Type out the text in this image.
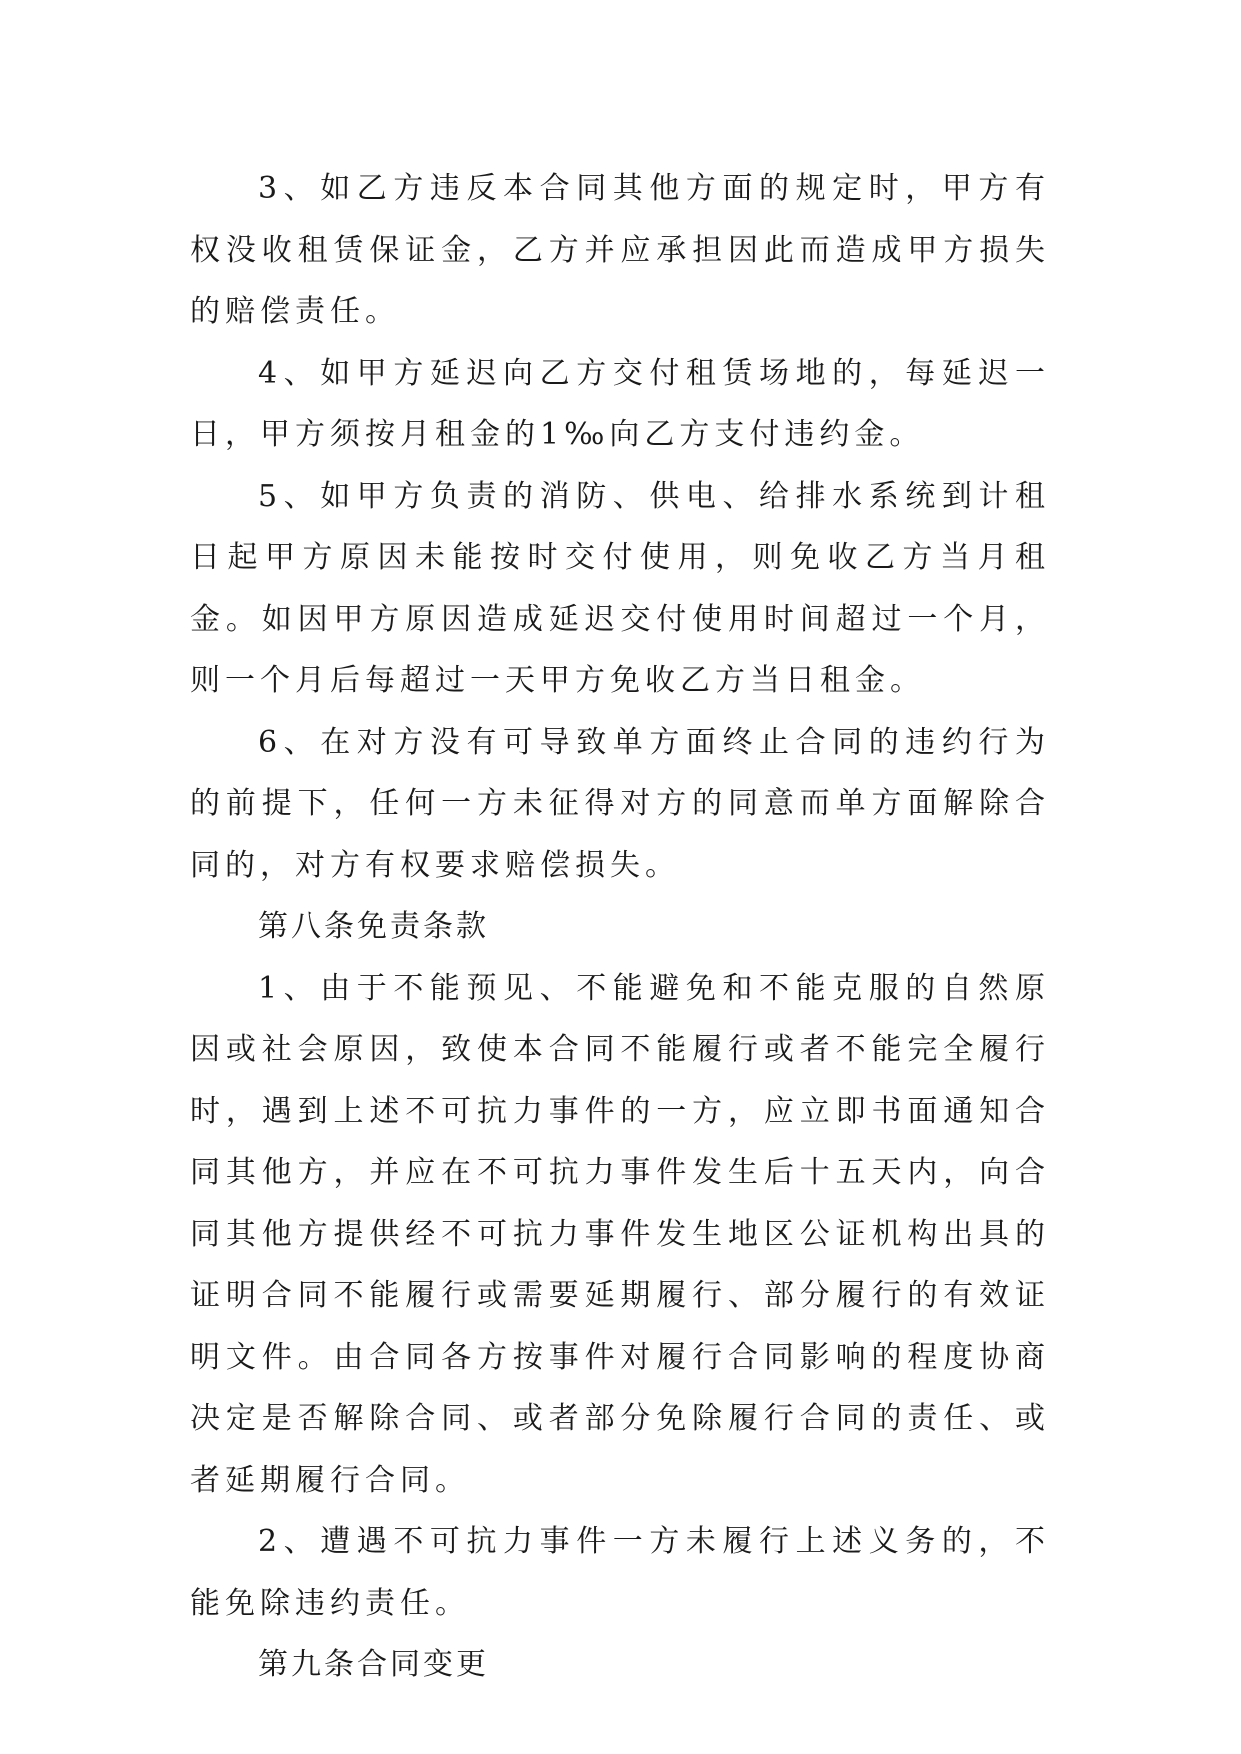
3、如乙方违反本合同其他方面的规定时，甲方有权没收租赁保证金，乙方并应承担因此而造成甲方损失的赔偿责任。

4、如甲方延迟向乙方交付租赁场地的，每延迟一日，甲方须按月租金的1‰向乙方支付违约金。

5、如甲方负责的消防、供电、给排水系统到计租日起甲方原因未能按时交付使用，则免收乙方当月租金。如因甲方原因造成延迟交付使用时间超过一个月，则一个月后每超过一天甲方免收乙方当日租金。

6、在对方没有可导致单方面终止合同的违约行为的前提下，任何一方未征得对方的同意而单方面解除合同的，对方有权要求赔偿损失。

第八条免责条款

1、由于不能预见、不能避免和不能克服的自然原因或社会原因，致使本合同不能履行或者不能完全履行时，遇到上述不可抗力事件的一方，应立即书面通知合同其他方，并应在不可抗力事件发生后十五天内，向合同其他方提供经不可抗力事件发生地区公证机构出具的证明合同不能履行或需要延期履行、部分履行的有效证明文件。由合同各方按事件对履行合同影响的程度协商决定是否解除合同、或者部分免除履行合同的责任、或者延期履行合同。

2、遭遇不可抗力事件一方未履行上述义务的，不能免除违约责任。

第九条合同变更
